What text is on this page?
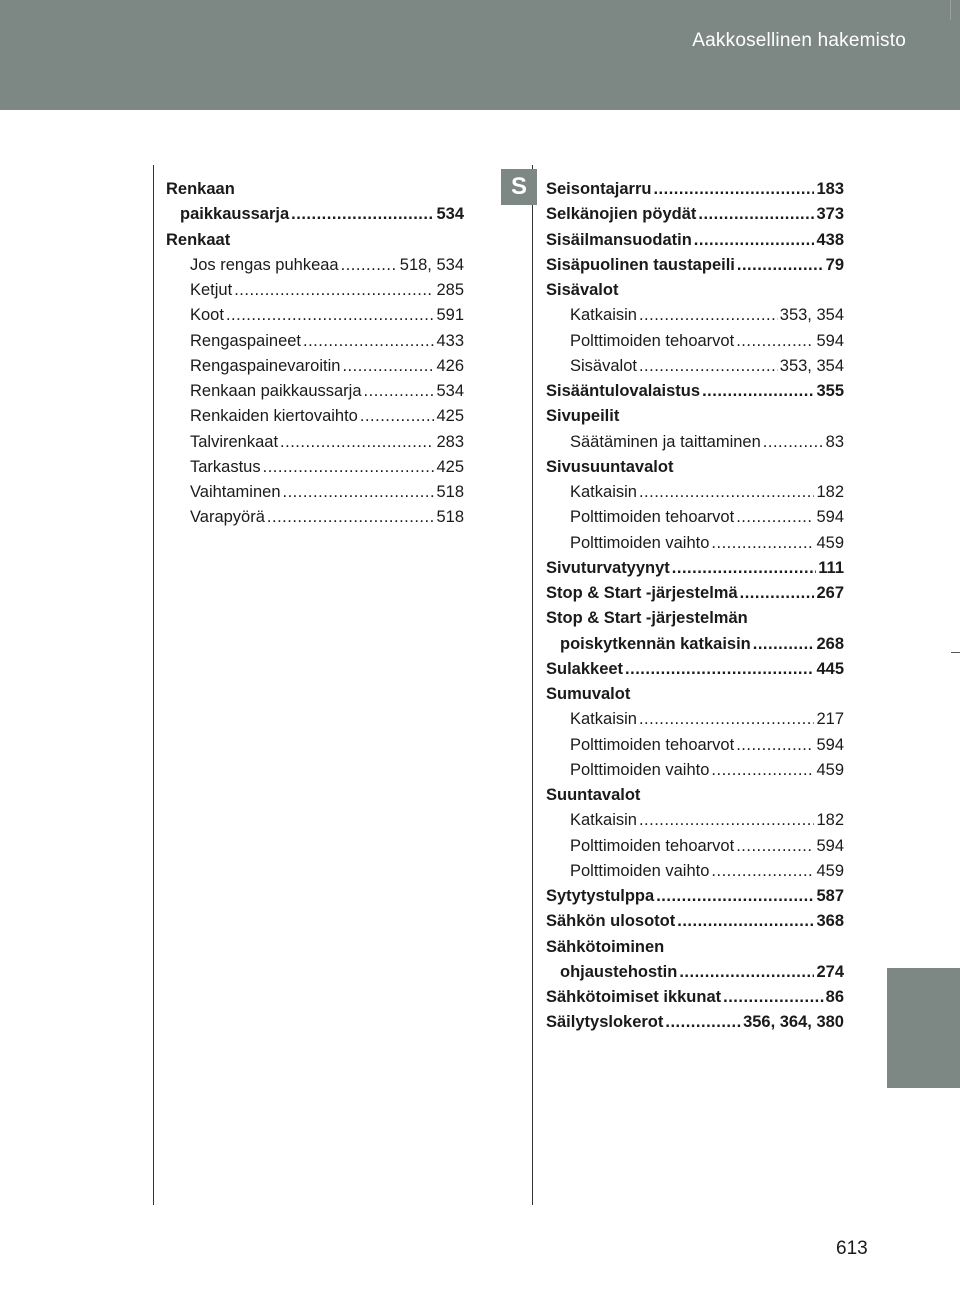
Aakkosellinen hakemisto
S
Renkaan
paikkaussarja .....	534
Renkaat
Jos rengas puhkeaa .....	518, 534
Ketjut .....	285
Koot .....	591
Rengaspaineet .....	433
Rengaspainevaroitin .....	426
Renkaan paikkaussarja .....	534
Renkaiden kiertovaihto .....	425
Talvirenkaat .....	283
Tarkastus .....	425
Vaihtaminen .....	518
Varapyörä .....	518
Seisontajarru .....	183
Selkänojien pöydät .....	373
Sisäilmansuodatin .....	438
Sisäpuolinen taustapeili .....	79
Sisävalot
Katkaisin .....	353, 354
Polttimoiden tehoarvot .....	594
Sisävalot .....	353, 354
Sisääntulovalaistus .....	355
Sivupeilit
Säätäminen ja taittaminen .....	83
Sivusuuntavalot
Katkaisin .....	182
Polttimoiden tehoarvot .....	594
Polttimoiden vaihto .....	459
Sivuturvatyynyt .....	111
Stop & Start -järjestelmä .....	267
Stop & Start -järjestelmän
poiskytkennän katkaisin .....	268
Sulakkeet .....	445
Sumuvalot
Katkaisin .....	217
Polttimoiden tehoarvot .....	594
Polttimoiden vaihto .....	459
Suuntavalot
Katkaisin .....	182
Polttimoiden tehoarvot .....	594
Polttimoiden vaihto .....	459
Sytytystulppa .....	587
Sähkön ulosotot .....	368
Sähkötoiminen
ohjaustehostin .....	274
Sähkötoimiset ikkunat .....	86
Säilytyslokerot .....	356, 364, 380
613
